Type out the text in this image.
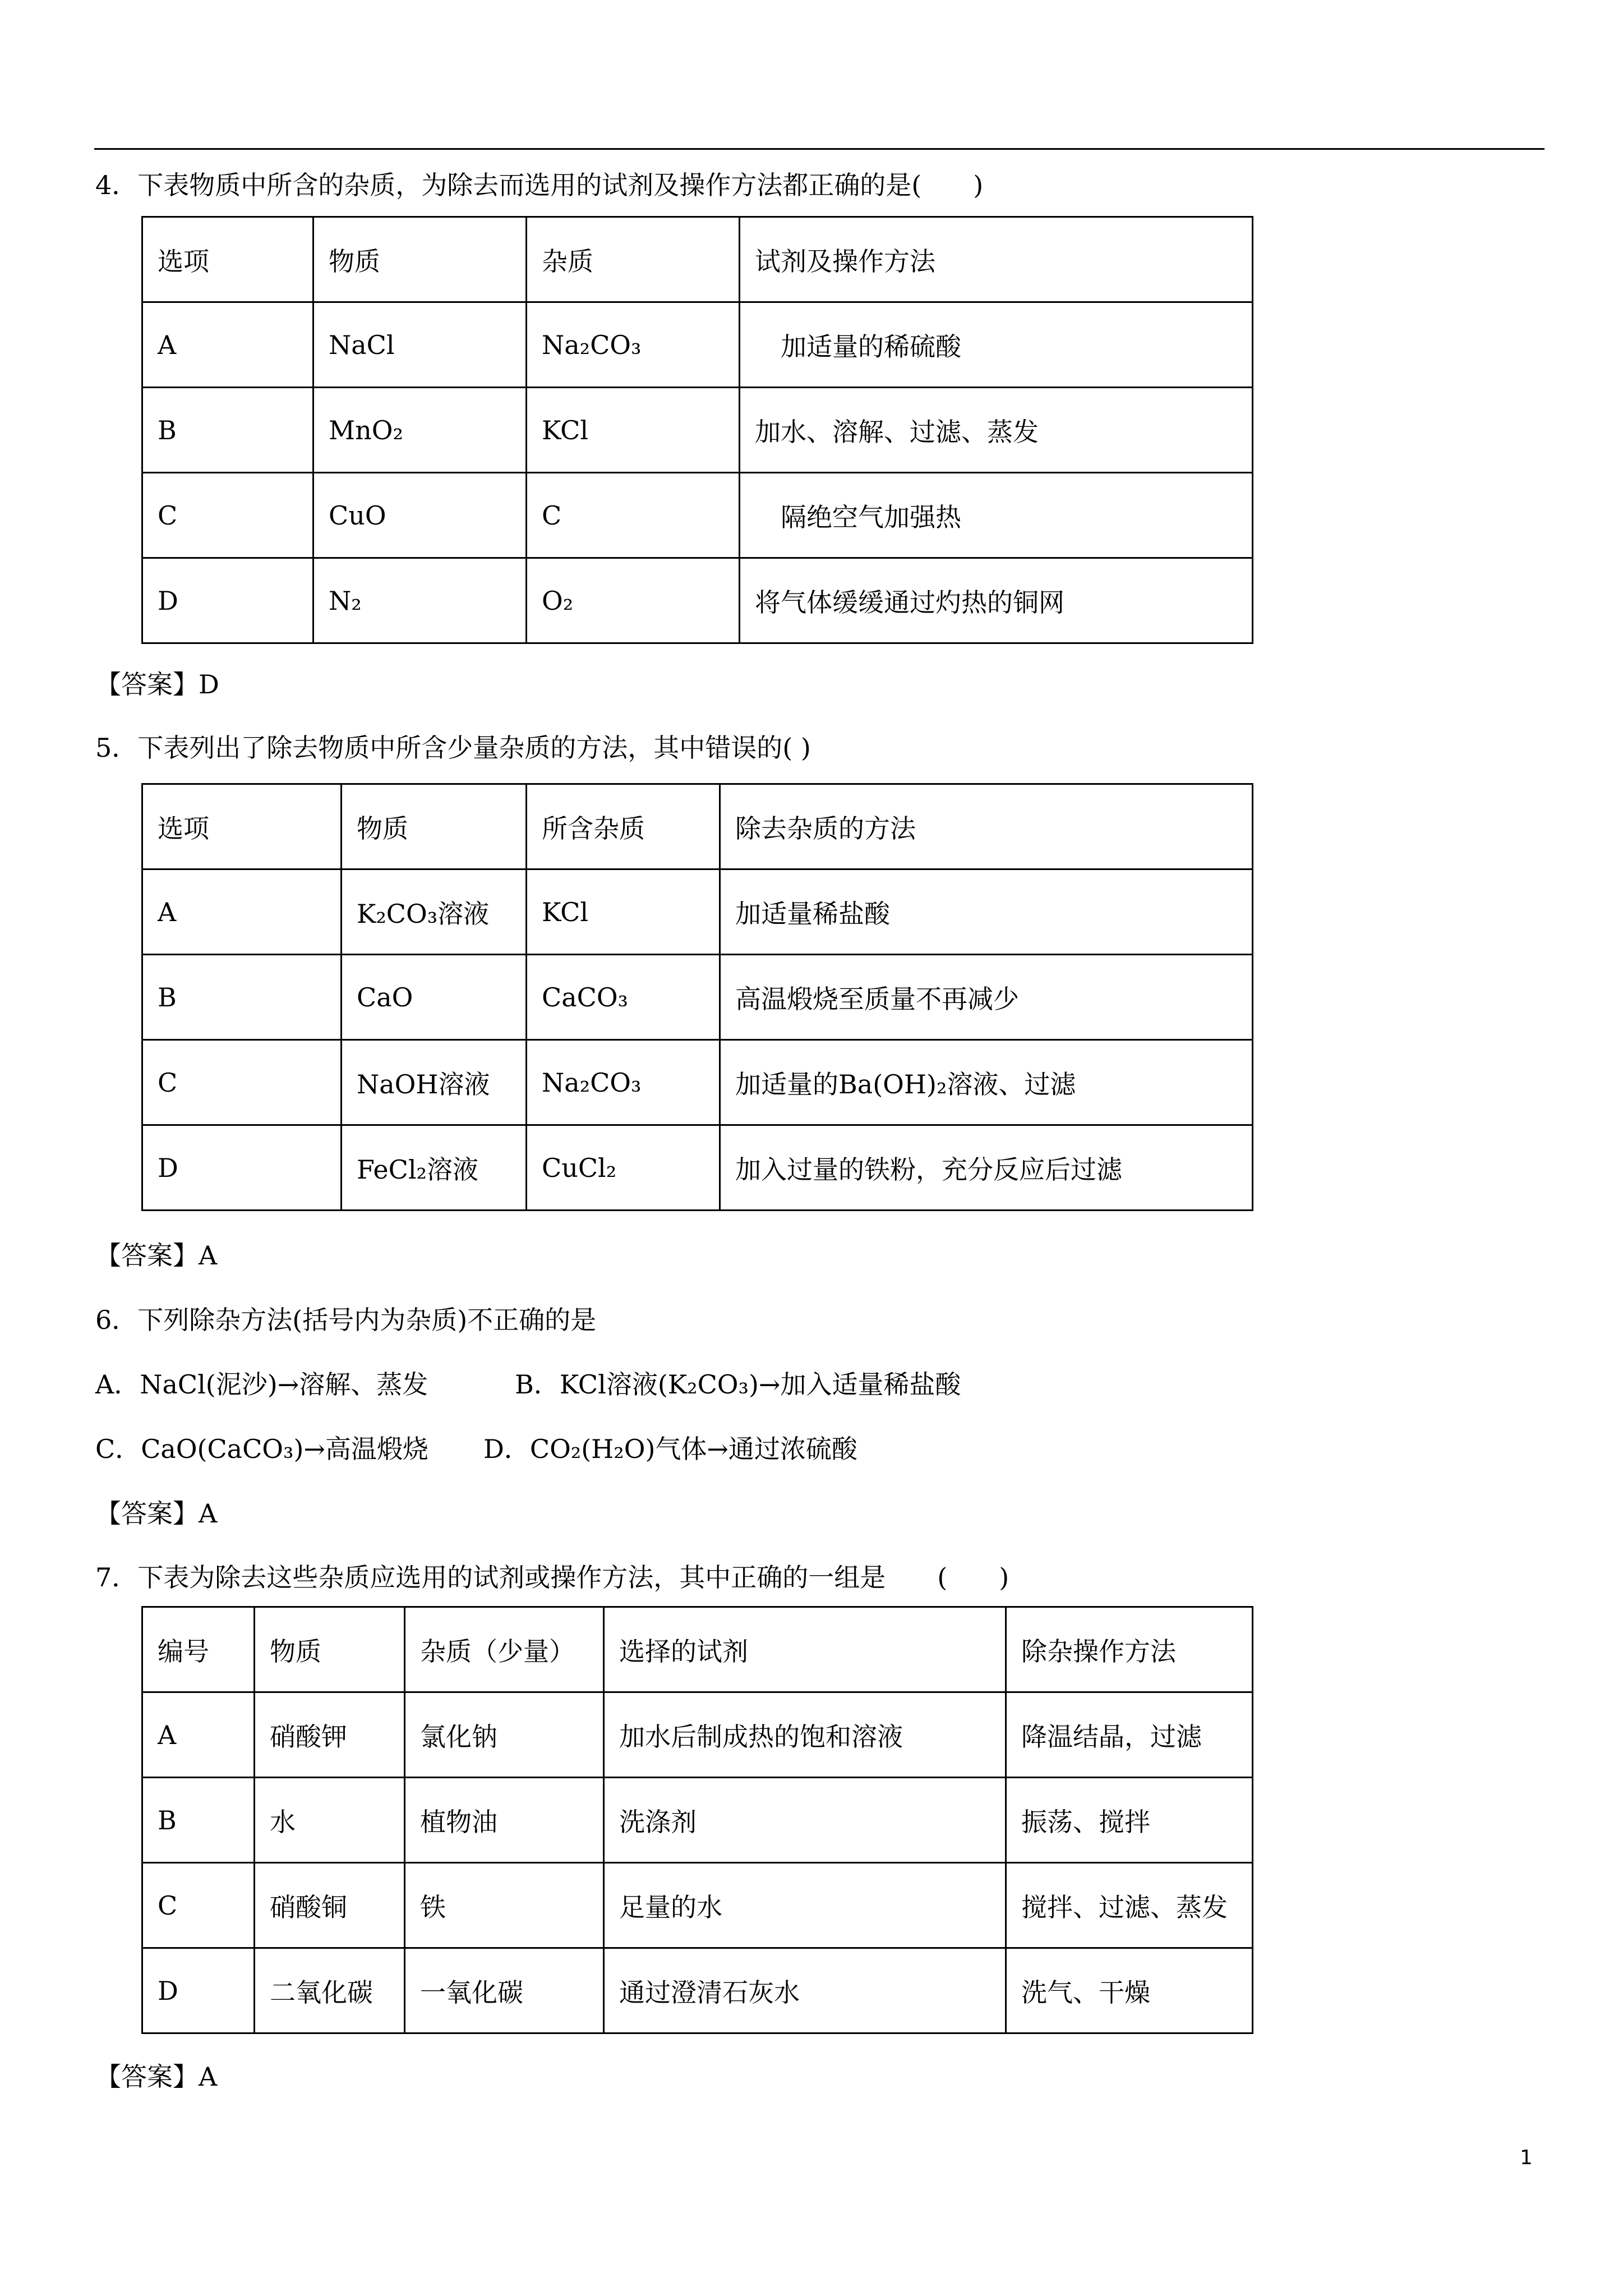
4．下表物质中所含的杂质，为除去而选用的试剂及操作方法都正确的是(　　)
选项	物质	杂质	试剂及操作方法
A	NaCl	Na₂CO₃	　加适量的稀硫酸
B	MnO₂	KCl	加水、溶解、过滤、蒸发
C	CuO	C	　隔绝空气加强热
D	N₂	O₂	将气体缓缓通过灼热的铜网
【答案】D
5．下表列出了除去物质中所含少量杂质的方法，其中错误的( )
选项	物质	所含杂质	除去杂质的方法
A	K₂CO₃溶液	KCl	加适量稀盐酸
B	CaO	CaCO₃	高温煅烧至质量不再减少
C	NaOH溶液	Na₂CO₃	加适量的Ba(OH)₂溶液、过滤
D	FeCl₂溶液	CuCl₂	加入过量的铁粉，充分反应后过滤
【答案】A
6．下列除杂方法(括号内为杂质)不正确的是
A．NaCl(泥沙)→溶解、蒸发	B．KCl溶液(K₂CO₃)→加入适量稀盐酸
C．CaO(CaCO₃)→高温煅烧 D．CO₂(H₂O)气体→通过浓硫酸
【答案】A
7．下表为除去这些杂质应选用的试剂或操作方法，其中正确的一组是　　(　　)
编号	物质	杂质（少量）	选择的试剂	除杂操作方法
A	硝酸钾	氯化钠	加水后制成热的饱和溶液	降温结晶，过滤
B	水	植物油	洗涤剂	振荡、搅拌
C	硝酸铜	铁	足量的水	搅拌、过滤、蒸发
D	二氧化碳	一氧化碳	通过澄清石灰水	洗气、干燥
【答案】A
1
